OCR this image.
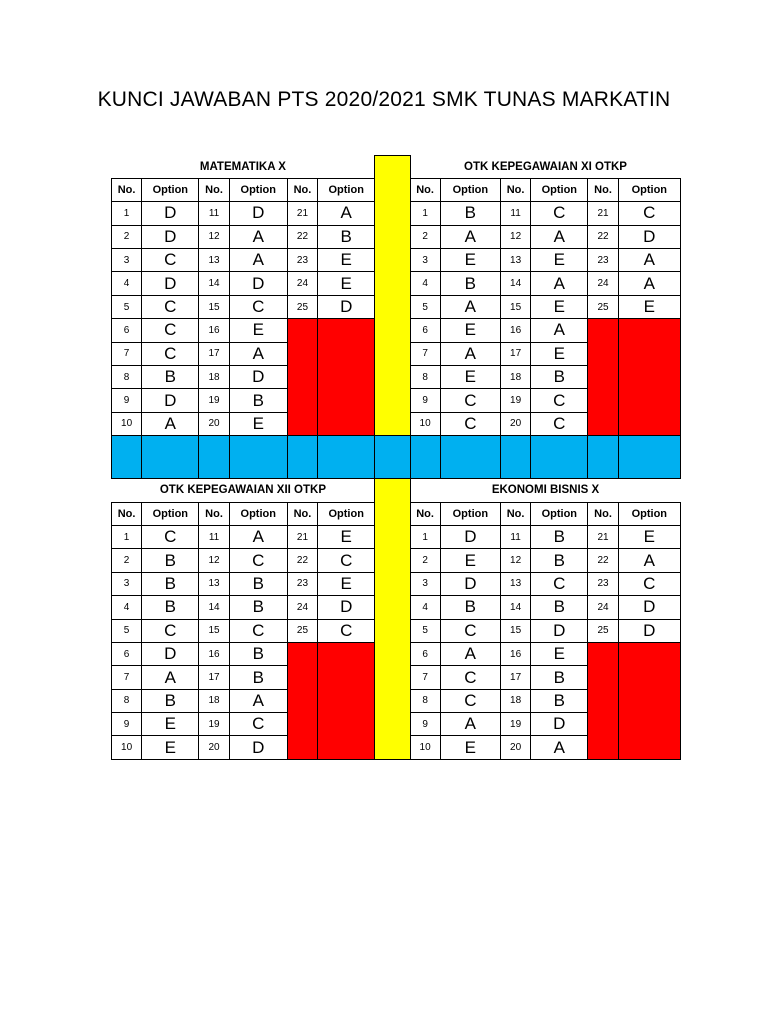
KUNCI JAWABAN PTS 2020/2021 SMK TUNAS MARKATIN
MATEMATIKA X							OTK KEPEGAWAIAN XI OTKP					
No.	Option	No.	Option	No.	Option		No.	Option	No.	Option	No.	Option
1	D	11	D	21	A		1	B	11	C	21	C
2	D	12	A	22	B		2	A	12	A	22	D
3	C	13	A	23	E		3	E	13	E	23	A
4	D	14	D	24	E		4	B	14	A	24	A
5	C	15	C	25	D		5	A	15	E	25	E
6	C	16	E				6	E	16	A		
7	C	17	A				7	A	17	E		
8	B	18	D				8	E	18	B		
9	D	19	B				9	C	19	C		
10	A	20	E				10	C	20	C		

OTK KEPEGAWAIAN XII OTKP							EKONOMI BISNIS X					
No.	Option	No.	Option	No.	Option		No.	Option	No.	Option	No.	Option
1	C	11	A	21	E		1	D	11	B	21	E
2	B	12	C	22	C		2	E	12	B	22	A
3	B	13	B	23	E		3	D	13	C	23	C
4	B	14	B	24	D		4	B	14	B	24	D
5	C	15	C	25	C		5	C	15	D	25	D
6	D	16	B				6	A	16	E		
7	A	17	B				7	C	17	B		
8	B	18	A				8	C	18	B		
9	E	19	C				9	A	19	D		
10	E	20	D				10	E	20	A		
